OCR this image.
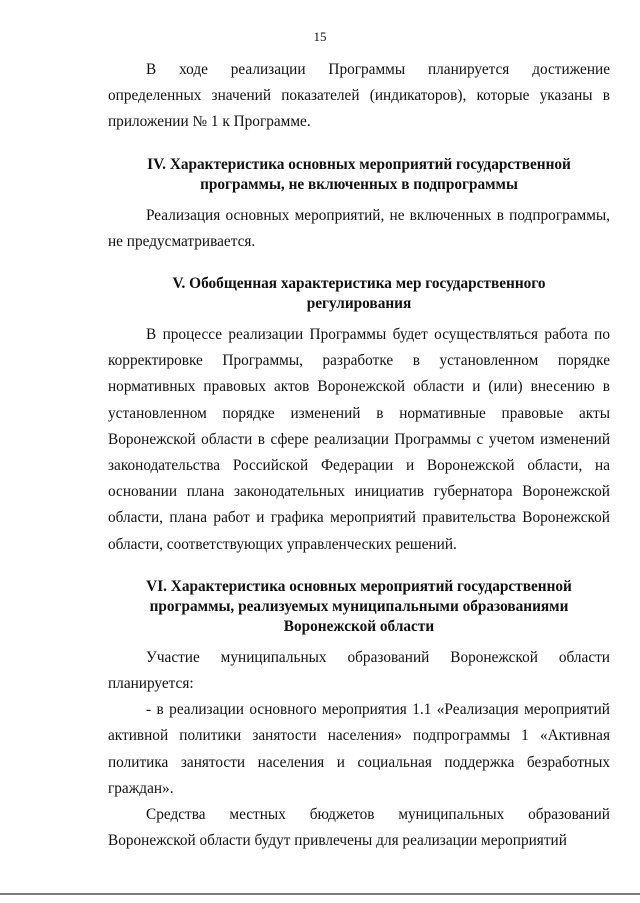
15

В ходе реализации Программы планируется достижение определенных значений показателей (индикаторов), которые указаны в приложении № 1 к Программе.

IV. Характеристика основных мероприятий государственной

программы, не включенных в подпрограммы

Реализация основных мероприятий, не включенных в подпрограммы, не предусматривается.

V. Обобщенная характеристика мер государственного

регулирования

В процессе реализации Программы будет осуществляться работа по корректировке Программы, разработке в установленном порядке нормативных правовых актов Воронежской области и (или) внесению в установленном порядке изменений в нормативные правовые акты Воронежской области в сфере реализации Программы с учетом изменений законодательства Российской Федерации и Воронежской области, на основании плана законодательных инициатив губернатора Воронежской области, плана работ и графика мероприятий правительства Воронежской области, соответствующих управленческих решений.

VI. Характеристика основных мероприятий государственной

программы, реализуемых муниципальными образованиями

Воронежской области

Участие муниципальных образований Воронежской области планируется:

- в реализации основного мероприятия 1.1 «Реализация мероприятий активной политики занятости населения» подпрограммы 1 «Активная политика занятости населения и социальная поддержка безработных граждан».

Средства местных бюджетов муниципальных образований Воронежской области будут привлечены для реализации мероприятий
